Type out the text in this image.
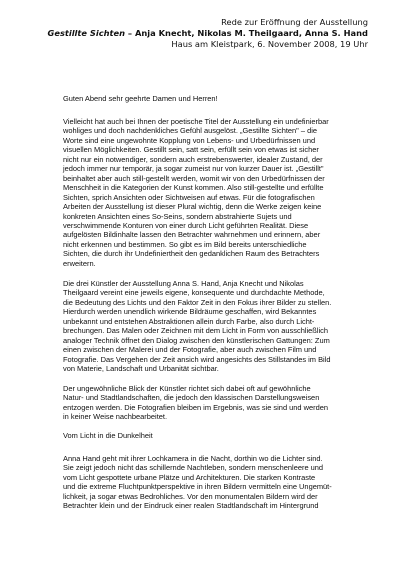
Rede zur Eröffnung der Ausstellung
Gestillte Sichten – Anja Knecht, Nikolas M. Theilgaard, Anna S. Hand
Haus am Kleistpark, 6. November 2008, 19 Uhr

Guten Abend sehr geehrte Damen und Herren!

Vielleicht hat auch bei Ihnen der poetische Titel der Ausstellung ein undefinierbar

wohliges und doch nachdenkliches Gefühl ausgelöst. „Gestillte Sichten" – die

Worte sind eine ungewohnte Kopplung von Lebens- und Urbedürfnissen und

visuellen Möglichkeiten. Gestillt sein, satt sein, erfüllt sein von etwas ist sicher

nicht nur ein notwendiger, sondern auch erstrebenswerter, idealer Zustand, der

jedoch immer nur temporär, ja sogar zumeist nur von kurzer Dauer ist. „Gestillt"

beinhaltet aber auch still-gestellt werden, womit wir von den Urbedürfnissen der

Menschheit in die Kategorien der Kunst kommen. Also still-gestellte und erfüllte

Sichten, sprich Ansichten oder Sichtweisen auf etwas. Für die fotografischen

Arbeiten der Ausstellung ist dieser Plural wichtig, denn die Werke zeigen keine

konkreten Ansichten eines So-Seins, sondern abstrahierte Sujets und

verschwimmende Konturen von einer durch Licht geführten Realität. Diese

aufgelösten Bildinhalte lassen den Betrachter wahrnehmen und erinnern, aber

nicht erkennen und bestimmen. So gibt es im Bild bereits unterschiedliche

Sichten, die durch ihr Undefiniertheit den gedanklichen Raum des Betrachters

erweitern.

Die drei Künstler der Ausstellung Anna S. Hand, Anja Knecht und Nikolas

Theilgaard vereint eine jeweils eigene, konsequente und durchdachte Methode,

die Bedeutung des Lichts und den Faktor Zeit in den Fokus ihrer Bilder zu stellen.

Hierdurch werden unendlich wirkende Bildräume geschaffen, wird Bekanntes

unbekannt und entstehen Abstraktionen allein durch Farbe, also durch Licht-

brechungen. Das Malen oder Zeichnen mit dem Licht in Form von ausschließlich

analoger Technik öffnet den Dialog zwischen den künstlerischen Gattungen: Zum

einen zwischen der Malerei und der Fotografie, aber auch zwischen Film und

Fotografie. Das Vergehen der Zeit ansich wird angesichts des Stillstandes im Bild

von Materie, Landschaft und Urbanität sichtbar.

Der ungewöhnliche Blick der Künstler richtet sich dabei oft auf gewöhnliche

Natur- und Stadtlandschaften, die jedoch den klassischen Darstellungsweisen

entzogen werden. Die Fotografien bleiben im Ergebnis, was sie sind und werden

in keiner Weise nachbearbeitet.

Vom Licht in die Dunkelheit

Anna Hand geht mit ihrer Lochkamera in die Nacht, dorthin wo die Lichter sind.

Sie zeigt jedoch nicht das schillernde Nachtleben, sondern menschenleere und

vom Licht gespottete urbane Plätze und Architekturen. Die starken Kontraste

und die extreme Fluchtpunktperspektive in ihren Bildern vermitteln eine Ungemüt-

lichkeit, ja sogar etwas Bedrohliches. Vor den monumentalen Bildern wird der

Betrachter klein und der Eindruck einer realen Stadtlandschaft im Hintergrund
